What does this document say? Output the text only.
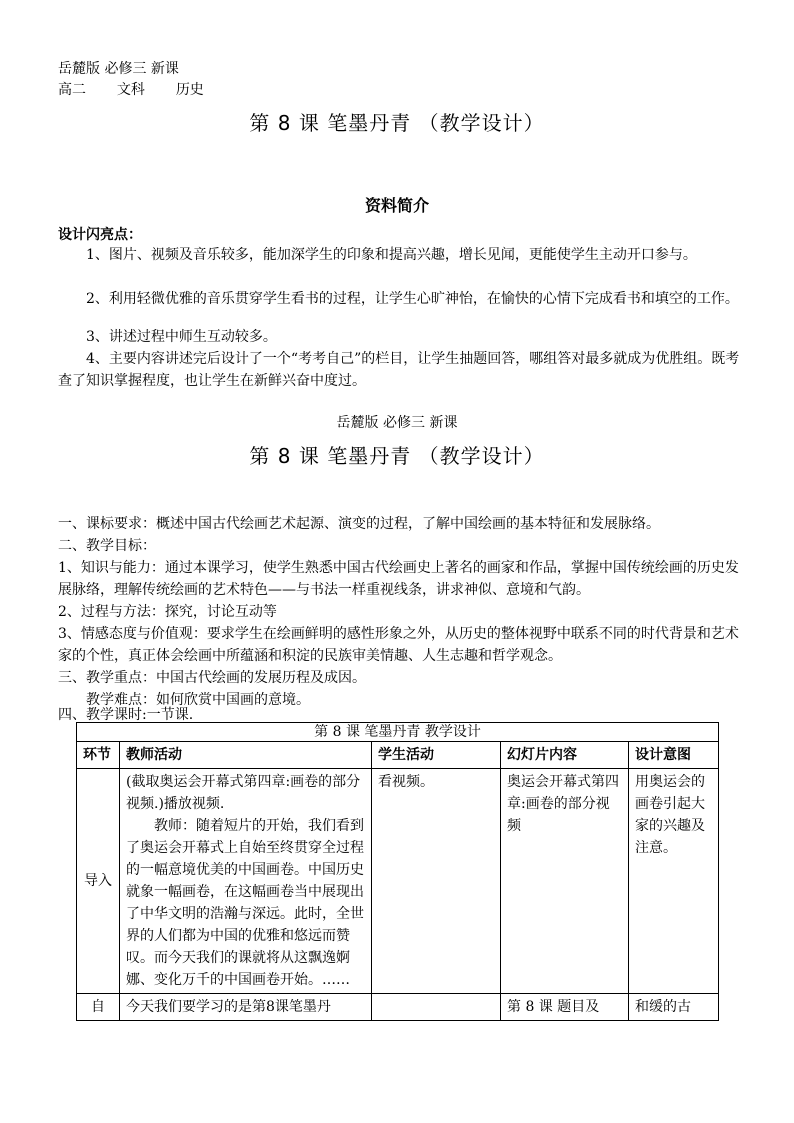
岳麓版 必修三 新课
高二 文科 历史
第 8 课 笔墨丹青 （教学设计）
资料简介
设计闪亮点：
1、图片、视频及音乐较多，能加深学生的印象和提高兴趣，增长见闻，更能使学生主动开口参与。
2、利用轻微优雅的音乐贯穿学生看书的过程，让学生心旷神怡，在愉快的心情下完成看书和填空的工作。
3、讲述过程中师生互动较多。
4、主要内容讲述完后设计了一个“考考自己”的栏目，让学生抽题回答，哪组答对最多就成为优胜组。既考查了知识掌握程度，也让学生在新鲜兴奋中度过。
岳麓版 必修三 新课
第 8 课 笔墨丹青 （教学设计）
一、课标要求：概述中国古代绘画艺术起源、演变的过程，了解中国绘画的基本特征和发展脉络。
二、教学目标：
1、知识与能力：通过本课学习，使学生熟悉中国古代绘画史上著名的画家和作品，掌握中国传统绘画的历史发展脉络，理解传统绘画的艺术特色——与书法一样重视线条，讲求神似、意境和气韵。
2、过程与方法：探究，讨论互动等
3、情感态度与价值观：要求学生在绘画鲜明的感性形象之外，从历史的整体视野中联系不同的时代背景和艺术家的个性，真正体会绘画中所蕴涵和积淀的民族审美情趣、人生志趣和哲学观念。
三、教学重点：中国古代绘画的发展历程及成因。
教学难点：如何欣赏中国画的意境。
四、教学课时:一节课.
第 8 课 笔墨丹青 教学设计				
环节	教师活动	学生活动	幻灯片内容	设计意图
导入	(截取奥运会开幕式第四章:画卷的部分视频.)播放视频.
教师：随着短片的开始，我们看到了奥运会开幕式上自始至终贯穿全过程的一幅意境优美的中国画卷。中国历史就象一幅画卷，在这幅画卷当中展现出了中华文明的浩瀚与深远。此时，全世界的人们都为中国的优雅和悠远而赞叹。而今天我们的课就将从这飘逸婀娜、变化万千的中国画卷开始。……	看视频。	奥运会开幕式第四章:画卷的部分视频	用奥运会的画卷引起大家的兴趣及注意。
自	今天我们要学习的是第8课笔墨丹		第 8 课 题目及	和缓的古
